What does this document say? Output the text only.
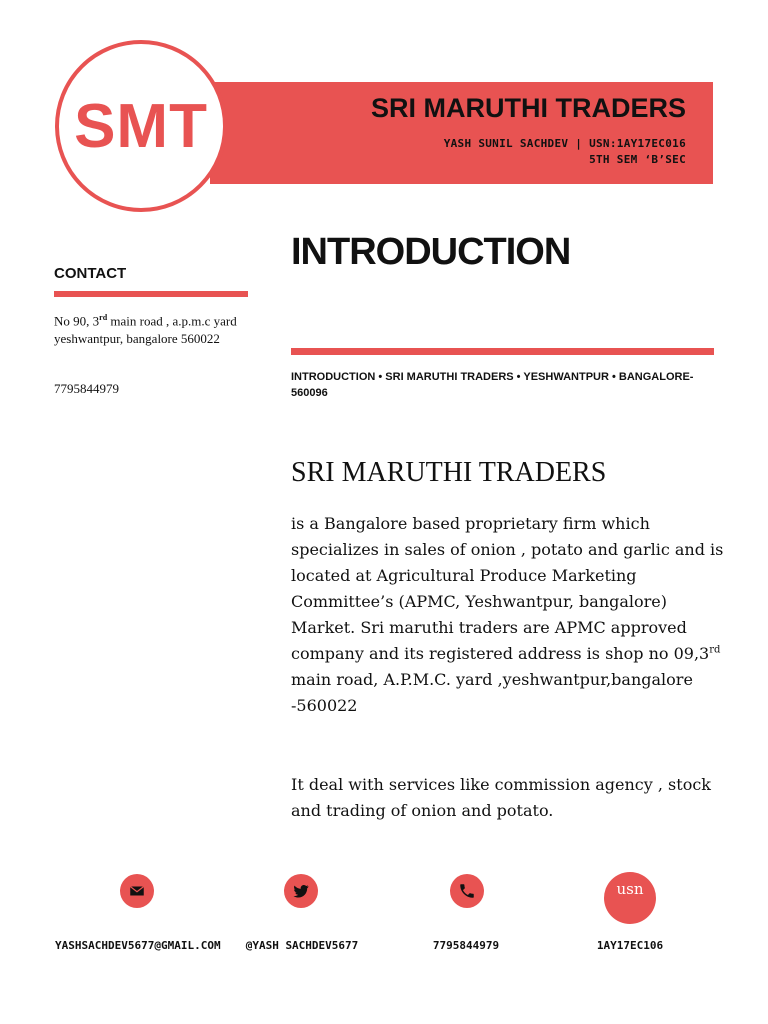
SMT	SRI MARUTHI TRADERS
YASH SUNIL SACHDEV | USN:1AY17EC016
5TH SEM ‘B’SEC
CONTACT
No 90, 3rd main road , a.p.m.c yard yeshwantpur, bangalore 560022
7795844979
INTRODUCTION
INTRODUCTION • SRI MARUTHI TRADERS • YESHWANTPUR • BANGALORE-560096
SRI MARUTHI TRADERS
is a Bangalore based proprietary firm which specializes in sales of onion , potato and garlic and is located at Agricultural Produce Marketing Committee’s (APMC, Yeshwantpur, bangalore) Market. Sri maruthi traders are APMC approved company and its registered address is shop no 09,3rd main road, A.P.M.C. yard ,yeshwantpur,bangalore -560022
It deal with services like commission agency , stock and trading of onion and potato.
usn
YASHSACHDEV5677@GMAIL.COM	@YASH SACHDEV5677	7795844979	1AY17EC106
